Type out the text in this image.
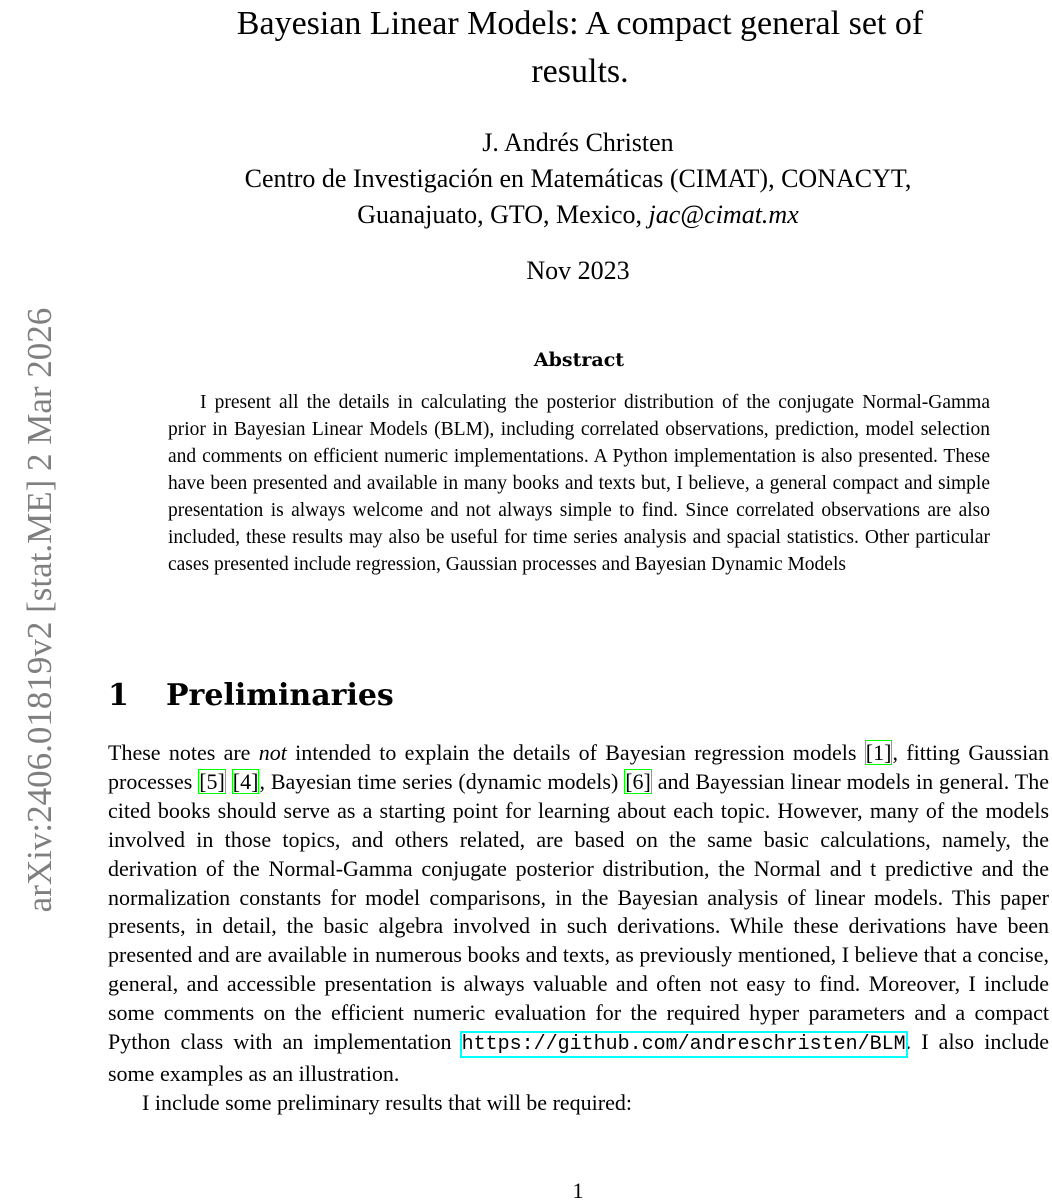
arXiv:2406.01819v2 [stat.ME] 2 Mar 2026
Bayesian Linear Models: A compact general set of
results.
J. Andrés Christen
Centro de Investigación en Matemáticas (CIMAT), CONACYT,
Guanajuato, GTO, Mexico, jac@cimat.mx
Nov 2023
Abstract
I present all the details in calculating the posterior distribution of the conjugate Normal-Gamma prior in Bayesian Linear Models (BLM), including correlated observations, prediction, model selection and comments on efficient numeric implementations. A Python implementation is also presented. These have been presented and available in many books and texts but, I believe, a general compact and simple presentation is always welcome and not always simple to find. Since correlated observations are also included, these results may also be useful for time series analysis and spacial statistics. Other particular cases presented include regression, Gaussian processes and Bayesian Dynamic Models
1 Preliminaries

These notes are not intended to explain the details of Bayesian regression models [1], fitting Gaussian processes [5] [4], Bayesian time series (dynamic models) [6] and Bayessian linear models in general. The cited books should serve as a starting point for learning about each topic. However, many of the models involved in those topics, and others related, are based on the same basic calculations, namely, the derivation of the Normal-Gamma conjugate posterior distribution, the Normal and t predictive and the normalization constants for model comparisons, in the Bayesian analysis of linear models. This paper presents, in detail, the basic algebra involved in such derivations. While these derivations have been presented and are available in numerous books and texts, as previously mentioned, I believe that a concise, general, and accessible presentation is always valuable and often not easy to find. Moreover, I include some comments on the efficient numeric evaluation for the required hyper parameters and a compact Python class with an implementation https://github.com/andreschristen/BLM. I also include some examples as an illustration.

I include some preliminary results that will be required:

1
